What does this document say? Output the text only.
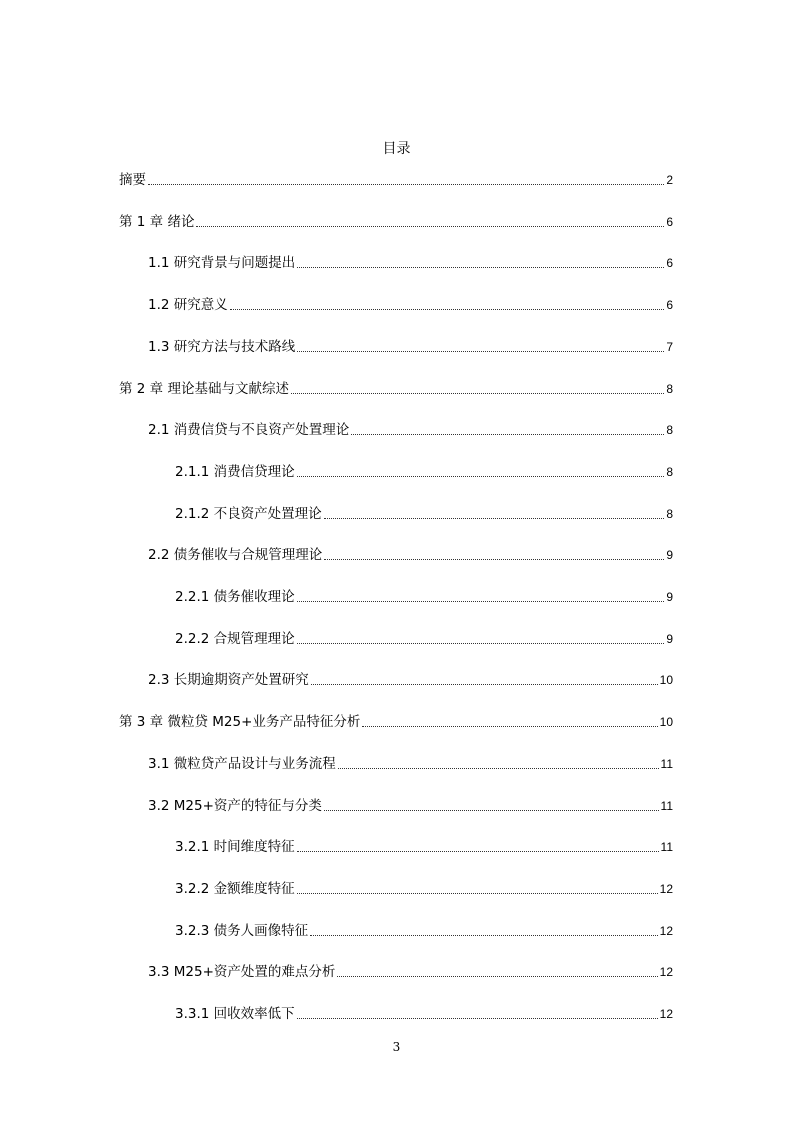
目录
摘要	2
第 1 章 绪论	6
1.1 研究背景与问题提出	6
1.2 研究意义	6
1.3 研究方法与技术路线	7
第 2 章 理论基础与文献综述	8
2.1 消费信贷与不良资产处置理论	8
2.1.1 消费信贷理论	8
2.1.2 不良资产处置理论	8
2.2 债务催收与合规管理理论	9
2.2.1 债务催收理论	9
2.2.2 合规管理理论	9
2.3 长期逾期资产处置研究	10
第 3 章 微粒贷 M25+业务产品特征分析	10
3.1 微粒贷产品设计与业务流程	11
3.2 M25+资产的特征与分类	11
3.2.1 时间维度特征	11
3.2.2 金额维度特征	12
3.2.3 债务人画像特征	12
3.3 M25+资产处置的难点分析	12
3.3.1 回收效率低下	12
3
